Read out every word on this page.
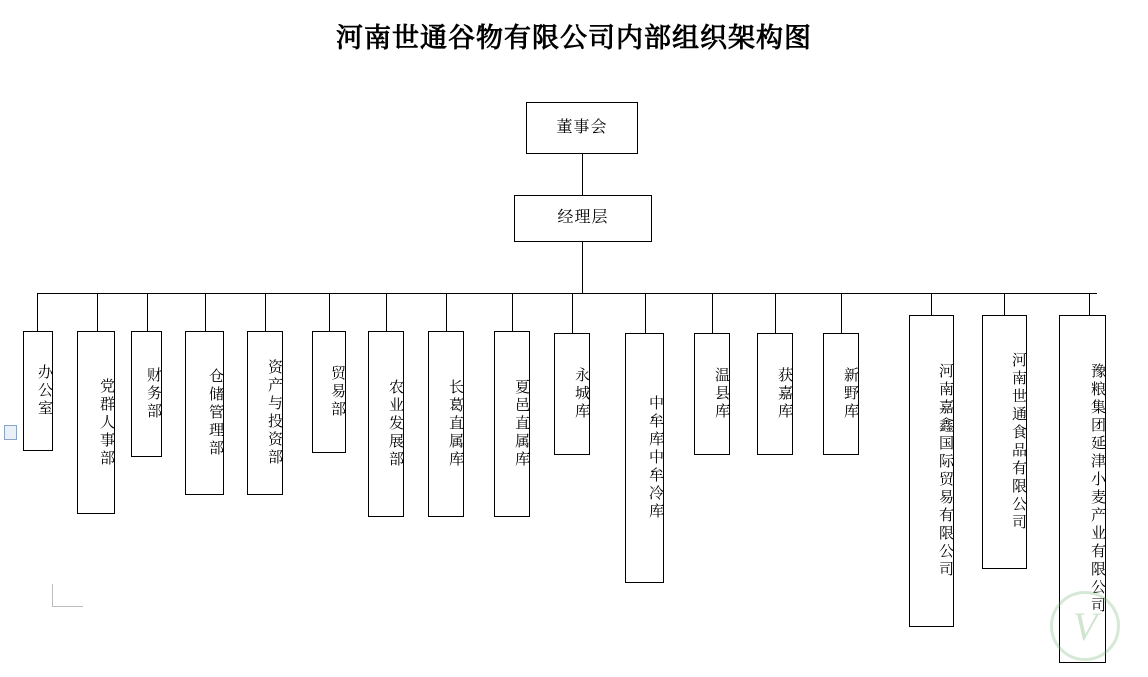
河南世通谷物有限公司内部组织架构图
董事会
经理层
办公室	党群人事部	财务部	仓储管理部	资产与投资部	贸易部	农业发展部	长葛直属库	夏邑直属库	永城库
中牟库中牟冷库
温县库	获嘉库	新野库	河南嘉鑫国际贸易有限公司	河南世通食品有限公司	豫粮集团延津小麦产业有限公司
V
